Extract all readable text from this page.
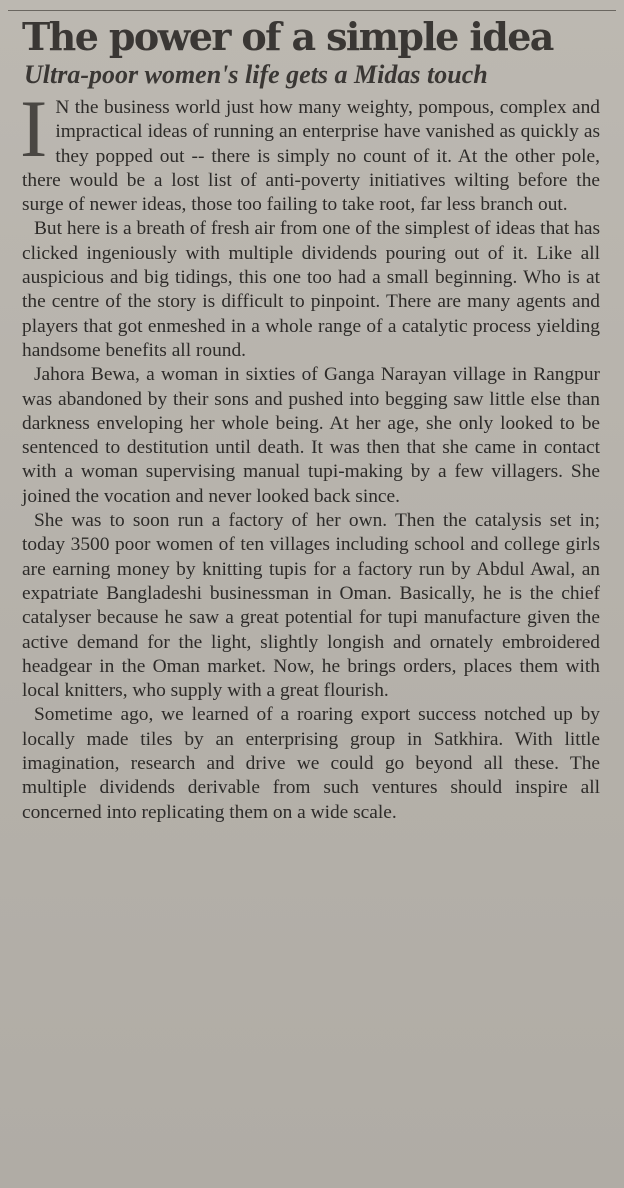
The power of a simple idea
Ultra-poor women's life gets a Midas touch

I N the business world just how many weighty, pompous, complex and impractical ideas of running an enterprise have vanished as quickly as they popped out -- there is simply no count of it. At the other pole, there would be a lost list of anti-poverty initiatives wilting before the surge of newer ideas, those too failing to take root, far less branch out.

But here is a breath of fresh air from one of the simplest of ideas that has clicked ingeniously with multiple dividends pouring out of it. Like all auspicious and big tidings, this one too had a small beginning. Who is at the centre of the story is difficult to pinpoint. There are many agents and players that got enmeshed in a whole range of a catalytic process yielding handsome benefits all round.

Jahora Bewa, a woman in sixties of Ganga Narayan village in Rangpur was abandoned by their sons and pushed into begging saw little else than darkness enveloping her whole being. At her age, she only looked to be sentenced to destitution until death. It was then that she came in contact with a woman supervising manual tupi-making by a few villagers. She joined the vocation and never looked back since.

She was to soon run a factory of her own. Then the catalysis set in; today 3500 poor women of ten villages including school and college girls are earning money by knitting tupis for a factory run by Abdul Awal, an expatriate Bangladeshi businessman in Oman. Basically, he is the chief catalyser because he saw a great potential for tupi manufacture given the active demand for the light, slightly longish and ornately embroidered headgear in the Oman market. Now, he brings orders, places them with local knitters, who supply with a great flourish.

Sometime ago, we learned of a roaring export success notched up by locally made tiles by an enterprising group in Satkhira. With little imagination, research and drive we could go beyond all these. The multiple dividends derivable from such ventures should inspire all concerned into replicating them on a wide scale.
